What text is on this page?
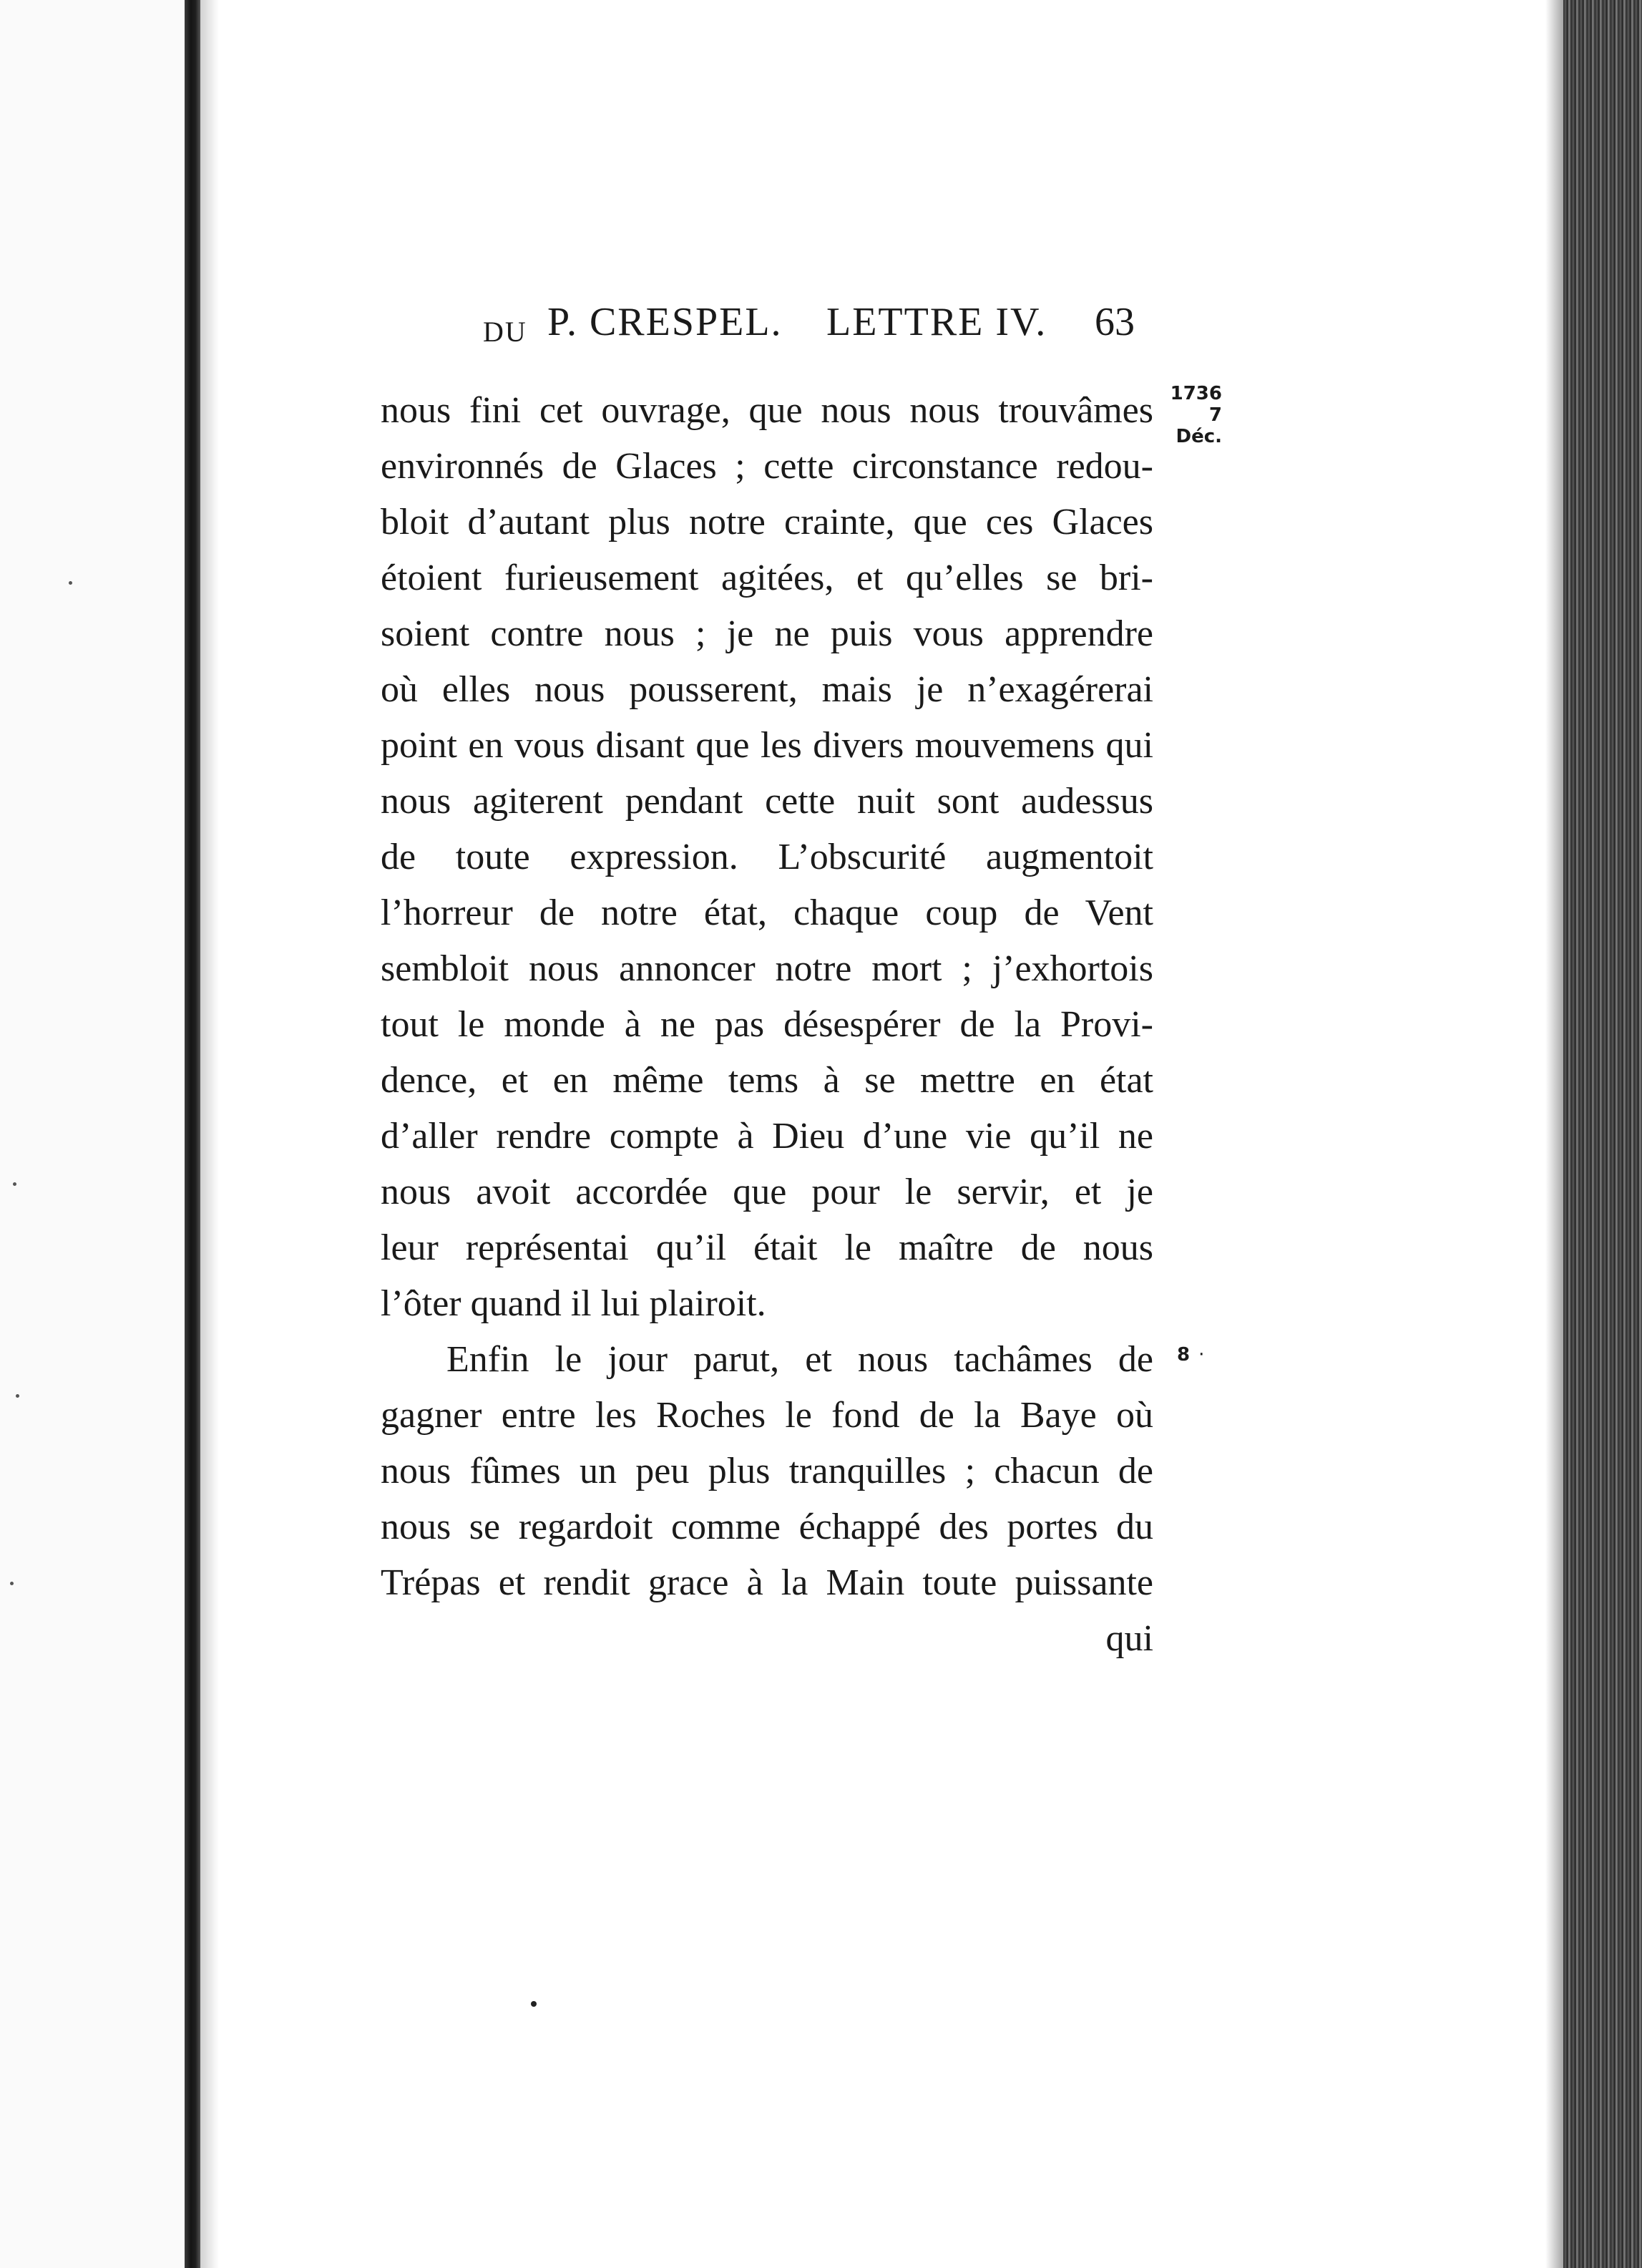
DU P. CRESPEL. LETTRE IV. 63
1736
7 Déc.
8 ·
nous fini cet ouvrage, que nous nous trouvâmes
environnés de Glaces ; cette circonstance redou-
bloit d’autant plus notre crainte, que ces Glaces
étoient furieusement agitées, et qu’elles se bri-
soient contre nous ; je ne puis vous apprendre
où elles nous pousserent, mais je n’exagérerai
point en vous disant que les divers mouvemens qui
nous agiterent pendant cette nuit sont audessus
de toute expression. L’obscurité augmentoit
l’horreur de notre état, chaque coup de Vent
sembloit nous annoncer notre mort ; j’exhortois
tout le monde à ne pas désespérer de la Provi-
dence, et en même tems à se mettre en état
d’aller rendre compte à Dieu d’une vie qu’il ne
nous avoit accordée que pour le servir, et je
leur représentai qu’il était le maître de nous
l’ôter quand il lui plairoit.
Enfin le jour parut, et nous tachâmes de
gagner entre les Roches le fond de la Baye où
nous fûmes un peu plus tranquilles ; chacun de
nous se regardoit comme échappé des portes du
Trépas et rendit grace à la Main toute puissante
qui
